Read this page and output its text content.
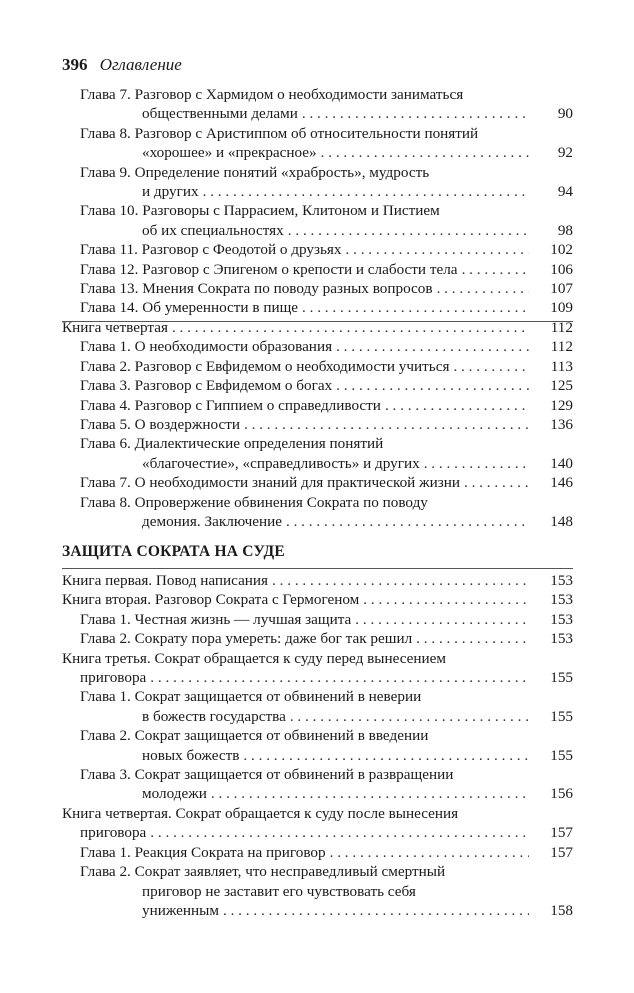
396 Оглавление
Глава 7. Разговор с Хармидом о необходимости заниматься
общественными делами . . .	90
Глава 8. Разговор с Аристиппом об относительности понятий
«хорошее» и «прекрасное» . . .	92
Глава 9. Определение понятий «храбрость», мудрость
и других . . .	94
Глава 10. Разговоры с Паррасием, Клитоном и Пистием
об их специальностях . . .	98
Глава 11. Разговор с Феодотой о друзьях . . .	102
Глава 12. Разговор с Эпигеном о крепости и слабости тела . . .	106
Глава 13. Мнения Сократа по поводу разных вопросов . . .	107
Глава 14. Об умеренности в пище . . .	109
Книга четвертая . . .	112
Глава 1. О необходимости образования . . .	112
Глава 2. Разговор с Евфидемом о необходимости учиться . . .	113
Глава 3. Разговор с Евфидемом о богах . . .	125
Глава 4. Разговор с Гиппием о справедливости . . .	129
Глава 5. О воздержности . . .	136
Глава 6. Диалектические определения понятий
«благочестие», «справедливость» и других . . .	140
Глава 7. О необходимости знаний для практической жизни . . .	146
Глава 8. Опровержение обвинения Сократа по поводу
демония. Заключение . . .	148
ЗАЩИТА СОКРАТА НА СУДЕ
Книга первая. Повод написания . . .	153
Книга вторая. Разговор Сократа с Гермогеном . . .	153
Глава 1. Честная жизнь — лучшая защита . . .	153
Глава 2. Сократу пора умереть: даже бог так решил . . .	153
Книга третья. Сократ обращается к суду перед вынесением
приговора . . .	155
Глава 1. Сократ защищается от обвинений в неверии
в божеств государства . . .	155
Глава 2. Сократ защищается от обвинений в введении
новых божеств . . .	155
Глава 3. Сократ защищается от обвинений в развращении
молодежи . . .	156
Книга четвертая. Сократ обращается к суду после вынесения
приговора . . .	157
Глава 1. Реакция Сократа на приговор . . .	157
Глава 2. Сократ заявляет, что несправедливый смертный
приговор не заставит его чувствовать себя
униженным . . .	158
